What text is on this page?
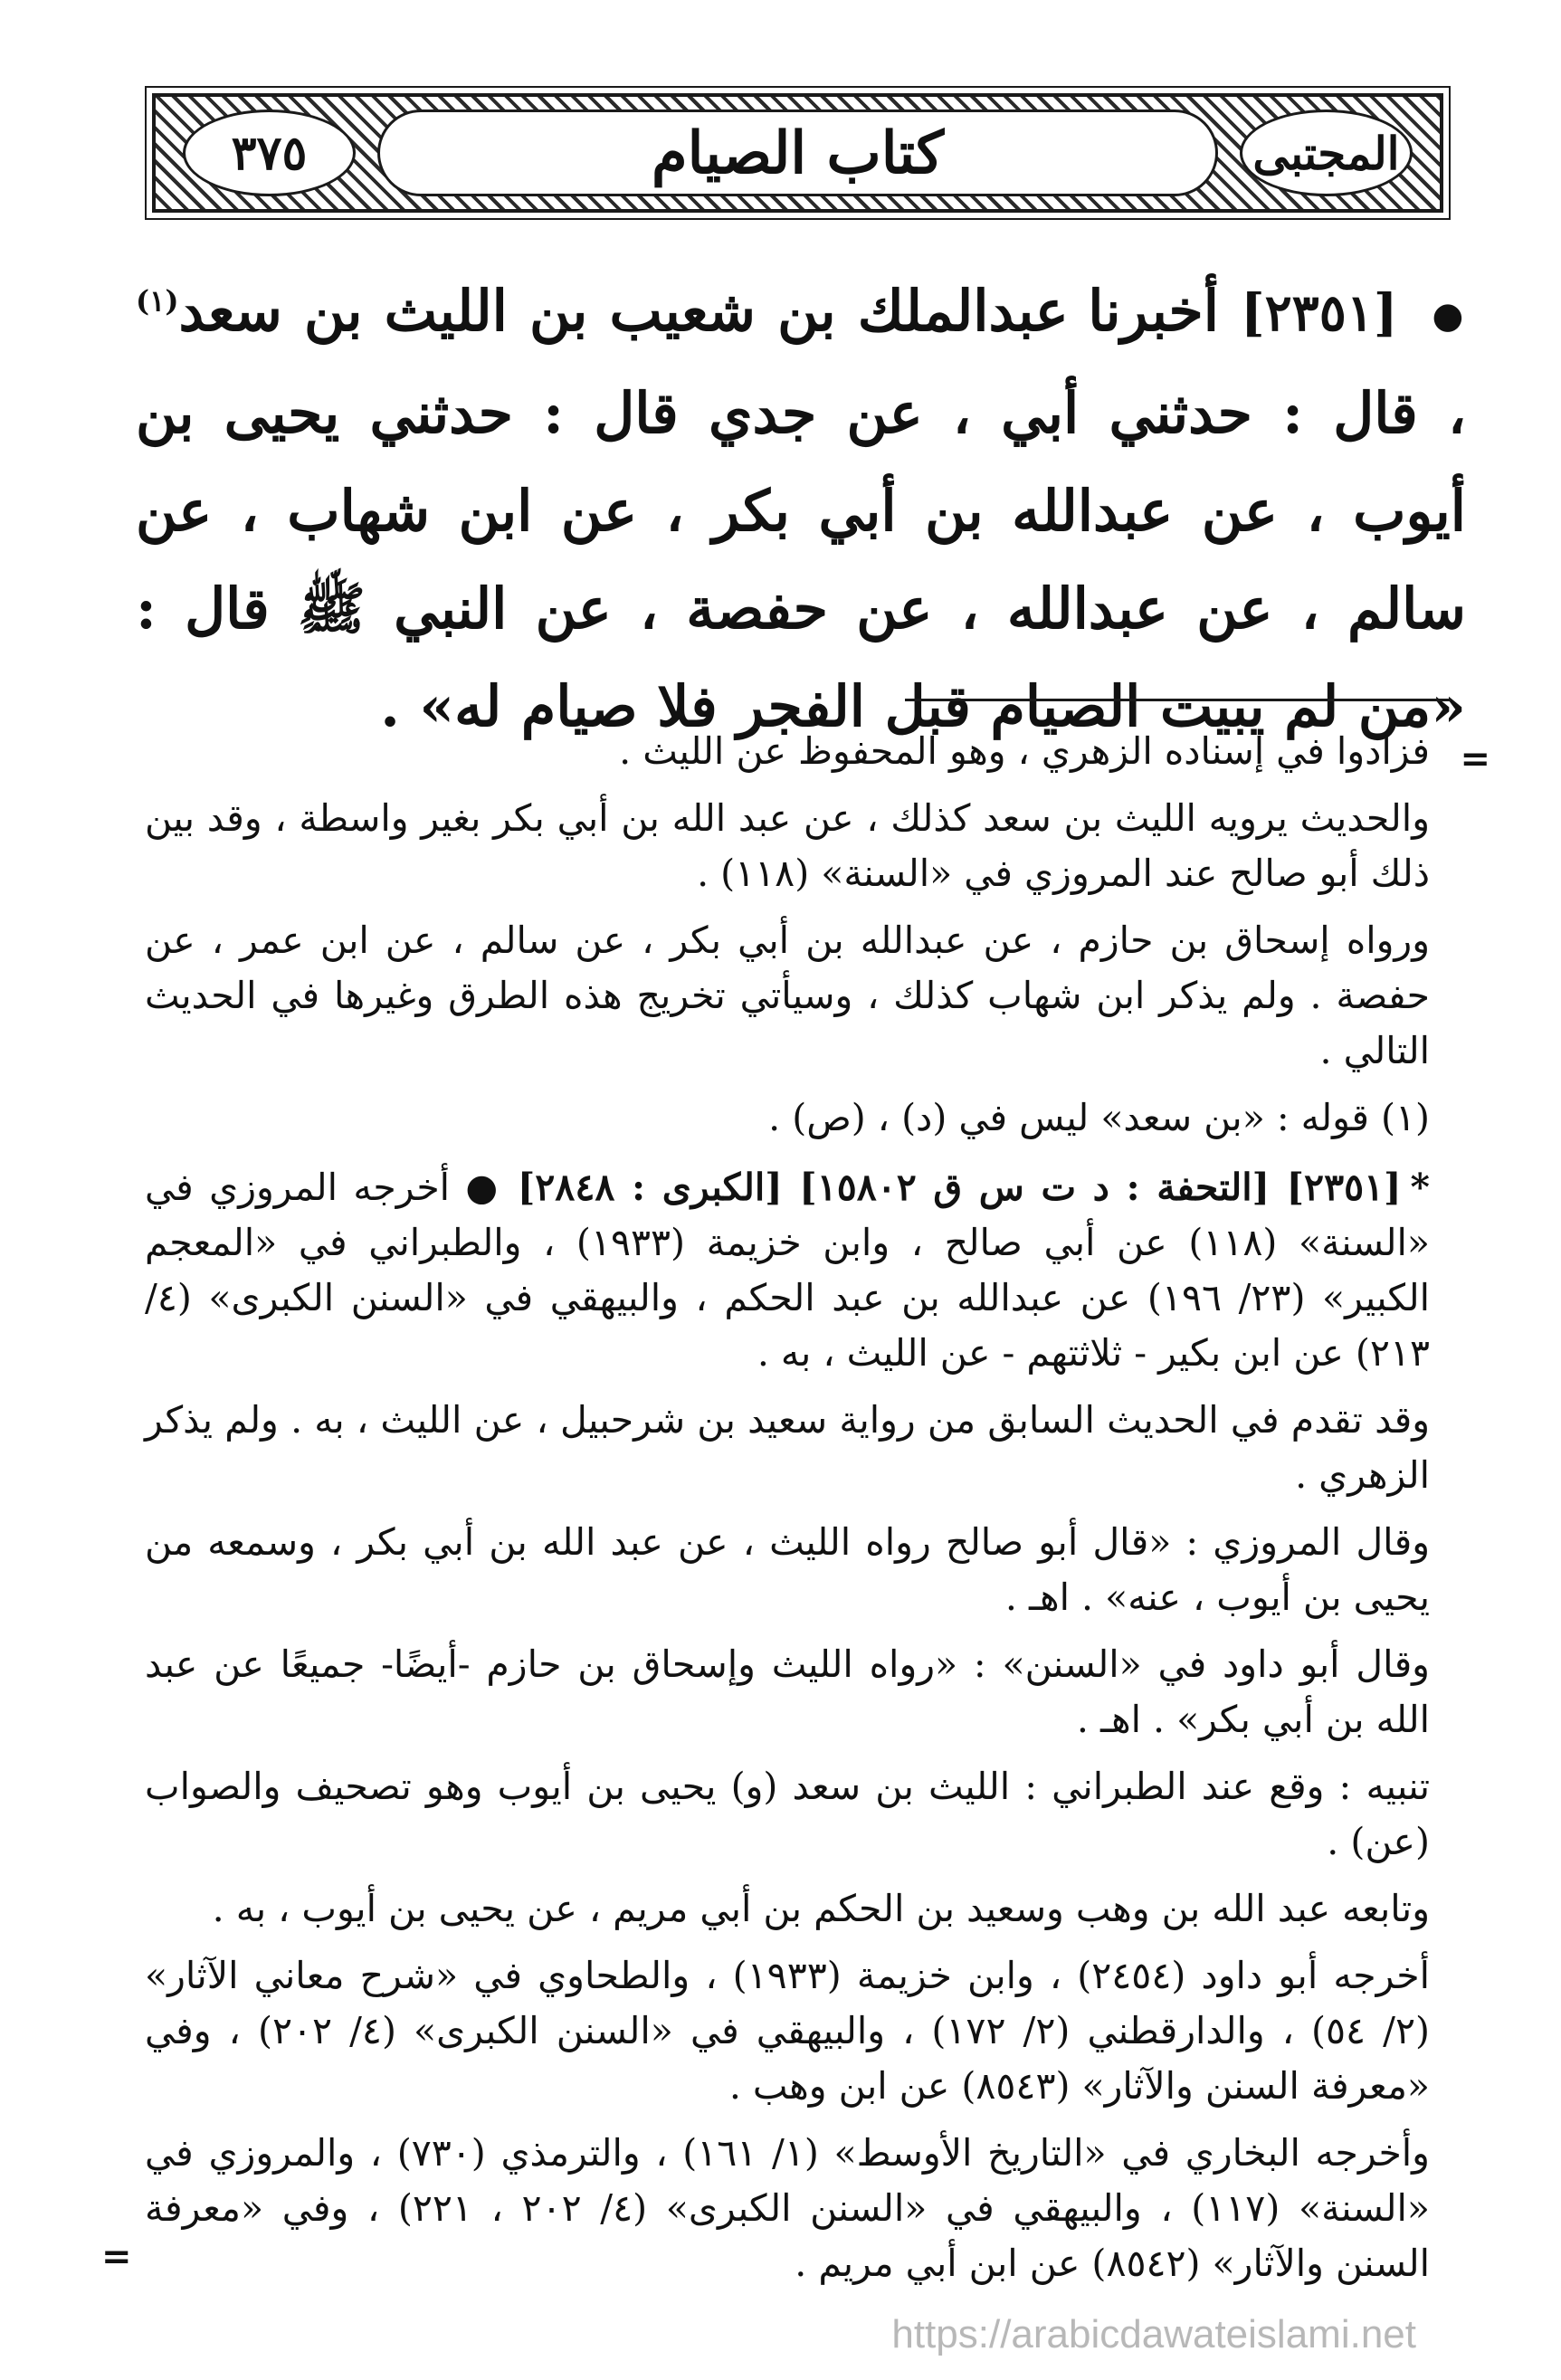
المجتبى
كتاب الصيام
٣٧٥
● [٢٣٥١] أخبرنا عبدالملك بن شعيب بن الليث بن سعد$^{(١)}$ ، قال : حدثني أبي ، عن جدي قال : حدثني يحيى بن أيوب ، عن عبدالله بن أبي بكر ، عن ابن شهاب ، عن سالم ، عن عبدالله ، عن حفصة ، عن النبي ﷺ قال : «من لم يبيت الصيام قبل الفجر فلا صيام له» .
=

فزادوا في إسناده الزهري ، وهو المحفوظ عن الليث .

والحديث يرويه الليث بن سعد كذلك ، عن عبد الله بن أبي بكر بغير واسطة ، وقد بين ذلك أبو صالح عند المروزي في «السنة» (١١٨) .

ورواه إسحاق بن حازم ، عن عبدالله بن أبي بكر ، عن سالم ، عن ابن عمر ، عن حفصة . ولم يذكر ابن شهاب كذلك ، وسيأتي تخريج هذه الطرق وغيرها في الحديث التالي .

(١) قوله : «بن سعد» ليس في (د) ، (ص) .

*[٢٣٥١] [التحفة : د ت س ق ١٥٨٠٢] [الكبرى : ٢٨٤٨] ● أخرجه المروزي في «السنة» (١١٨) عن أبي صالح ، وابن خزيمة (١٩٣٣) ، والطبراني في «المعجم الكبير» (٢٣/ ١٩٦) عن عبدالله بن عبد الحكم ، والبيهقي في «السنن الكبرى» (٤/ ٢١٣) عن ابن بكير - ثلاثتهم - عن الليث ، به .

وقد تقدم في الحديث السابق من رواية سعيد بن شرحبيل ، عن الليث ، به . ولم يذكر الزهري .

وقال المروزي : «قال أبو صالح رواه الليث ، عن عبد الله بن أبي بكر ، وسمعه من يحيى بن أيوب ، عنه» . اهـ .

وقال أبو داود في «السنن» : «رواه الليث وإسحاق بن حازم -أيضًا- جميعًا عن عبد الله بن أبي بكر» . اهـ .

تنبيه : وقع عند الطبراني : الليث بن سعد (و) يحيى بن أيوب وهو تصحيف والصواب (عن) .

وتابعه عبد الله بن وهب وسعيد بن الحكم بن أبي مريم ، عن يحيى بن أيوب ، به .

أخرجه أبو داود (٢٤٥٤) ، وابن خزيمة (١٩٣٣) ، والطحاوي في «شرح معاني الآثار» (٢/ ٥٤) ، والدارقطني (٢/ ١٧٢) ، والبيهقي في «السنن الكبرى» (٤/ ٢٠٢) ، وفي «معرفة السنن والآثار» (٨٥٤٣) عن ابن وهب .

وأخرجه البخاري في «التاريخ الأوسط» (١/ ١٦١) ، والترمذي (٧٣٠) ، والمروزي في «السنة» (١١٧) ، والبيهقي في «السنن الكبرى» (٤/ ٢٠٢ ، ٢٢١) ، وفي «معرفة السنن والآثار» (٨٥٤٢) عن ابن أبي مريم .

=
https://arabicdawateislami.net
